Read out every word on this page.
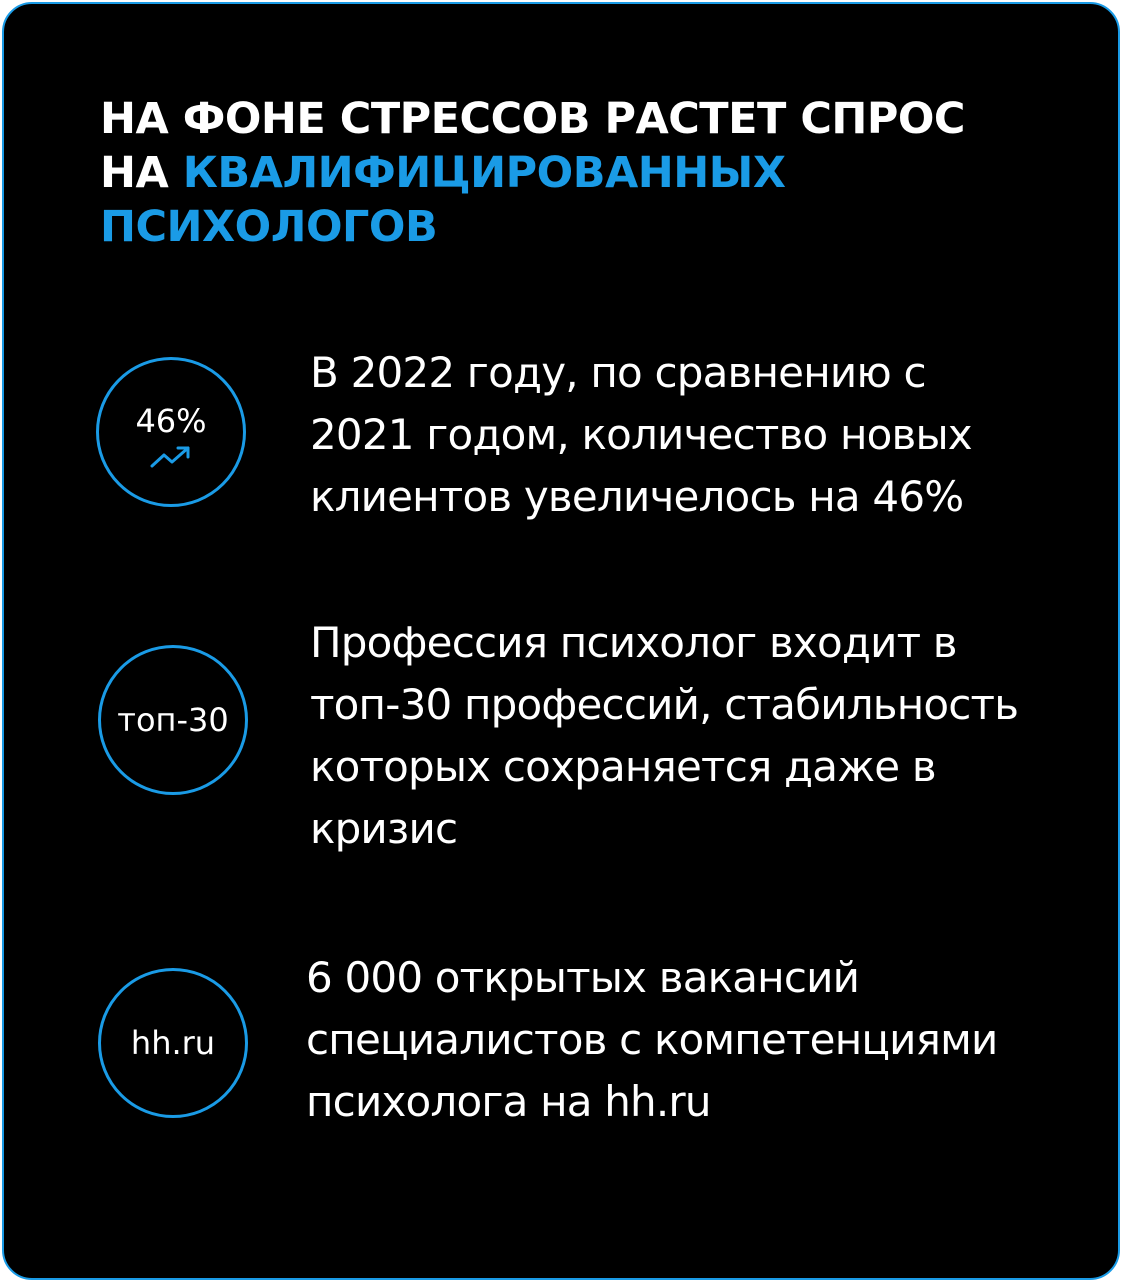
НА ФОНЕ СТРЕССОВ РАСТЕТ СПРОС
НА КВАЛИФИЦИРОВАННЫХ
ПСИХОЛОГОВ
46%

В 2022 году, по сравнению с
2021 годом, количество новых
клиентов увеличелось на 46%

топ-30

Профессия психолог входит в
топ-30 профессий, стабильность
которых сохраняется даже в
кризис

hh.ru

6 000 открытых вакансий
специалистов с компетенциями
психолога на hh.ru
